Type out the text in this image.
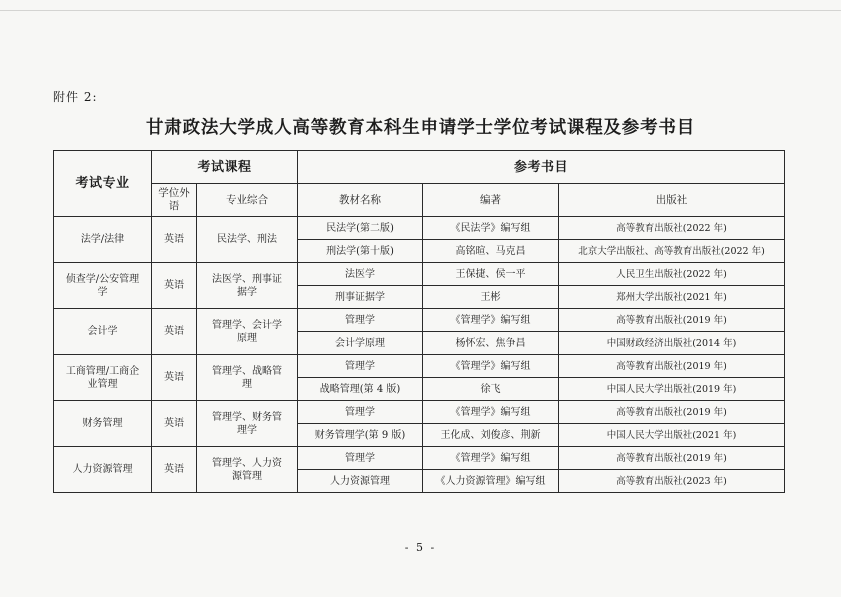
附件 2:
甘肃政法大学成人高等教育本科生申请学士学位考试课程及参考书目
考试专业	考试课程		参考书目		
	学位外语	专业综合	教材名称	编著	出版社
法学/法律	英语	民法学、刑法	民法学(第二版)	《民法学》编写组	高等教育出版社(2022 年)
			刑法学(第十版)	高铭暄、马克昌	北京大学出版社、高等教育出版社(2022 年)
侦查学/公安管理学	英语	法医学、刑事证据学	法医学	王保捷、侯一平	人民卫生出版社(2022 年)
			刑事证据学	王彬	郑州大学出版社(2021 年)
会计学	英语	管理学、会计学原理	管理学	《管理学》编写组	高等教育出版社(2019 年)
			会计学原理	杨怀宏、焦争昌	中国财政经济出版社(2014 年)
工商管理/工商企业管理	英语	管理学、战略管理	管理学	《管理学》编写组	高等教育出版社(2019 年)
			战略管理(第 4 版)	徐飞	中国人民大学出版社(2019 年)
财务管理	英语	管理学、财务管理学	管理学	《管理学》编写组	高等教育出版社(2019 年)
			财务管理学(第 9 版)	王化成、刘俊彦、荆新	中国人民大学出版社(2021 年)
人力资源管理	英语	管理学、人力资源管理	管理学	《管理学》编写组	高等教育出版社(2019 年)
			人力资源管理	《人力资源管理》编写组	高等教育出版社(2023 年)
- 5 -
